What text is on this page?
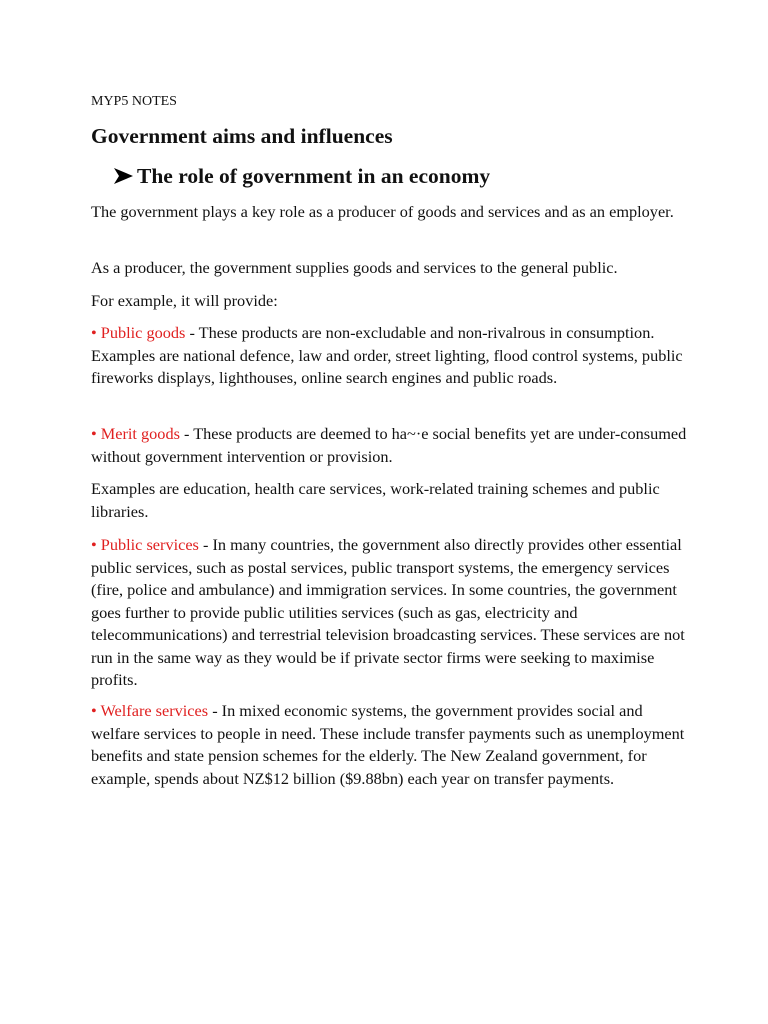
MYP5 NOTES
Government aims and influences
The role of government in an economy

The government plays a key role as a producer of goods and services and as an employer.

As a producer, the government supplies goods and services to the general public.

For example, it will provide:

• Public goods - These products are non-excludable and non-rivalrous in consumption. Examples are national defence, law and order, street lighting, flood control systems, public fireworks displays, lighthouses, online search engines and public roads.

• Merit goods - These products are deemed to ha~·e social benefits yet are under-consumed without government intervention or provision.

Examples are education, health care services, work-related training schemes and public libraries.

• Public services - In many countries, the government also directly provides other essential public services, such as postal services, public transport systems, the emergency services (fire, police and ambulance) and immigration services. In some countries, the government goes further to provide public utilities services (such as gas, electricity and telecommunications) and terrestrial television broadcasting services. These services are not run in the same way as they would be if private sector firms were seeking to maximise profits.

• Welfare services - In mixed economic systems, the government provides social and welfare services to people in need. These include transfer payments such as unemployment benefits and state pension schemes for the elderly. The New Zealand government, for example, spends about NZ$12 billion ($9.88bn) each year on transfer payments.
